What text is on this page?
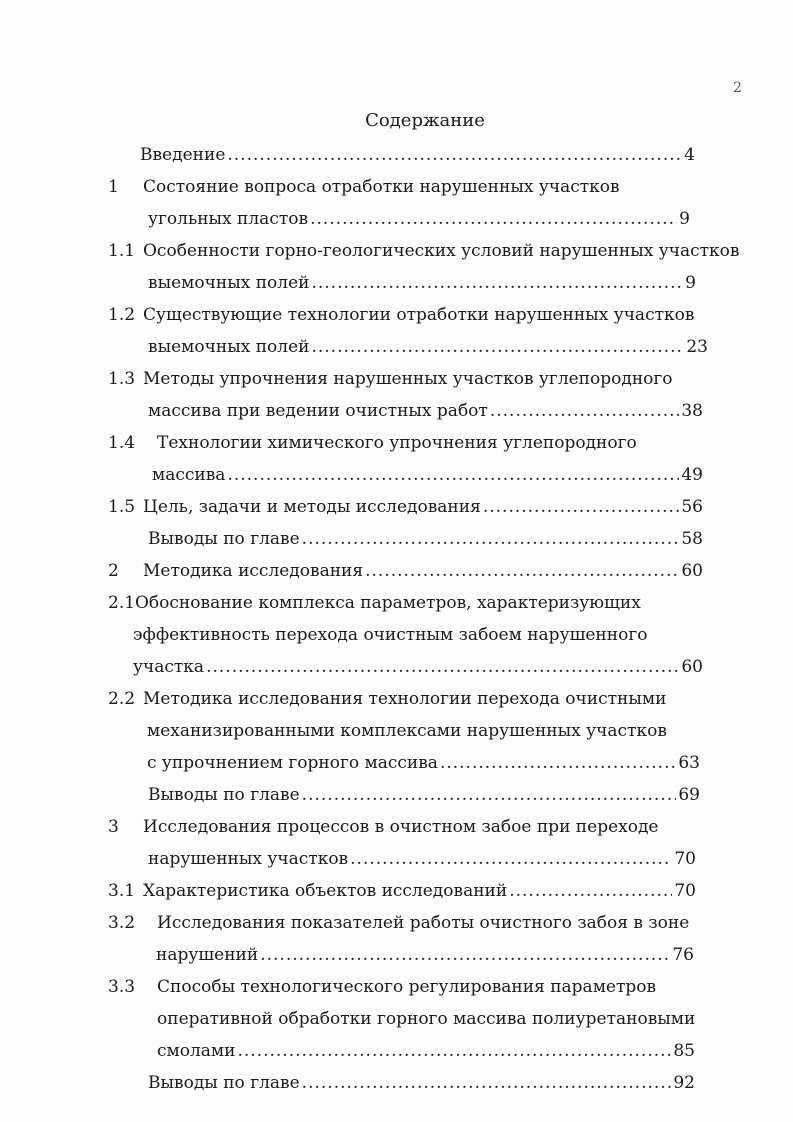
2
Содержание
Введение .....	4
1 Состояние вопроса отработки нарушенных участков
угольных пластов .....	9
1.1 Особенности горно-геологических условий нарушенных участков
выемочных полей .....	9
1.2 Существующие технологии отработки нарушенных участков
выемочных полей .....	23
1.3 Методы упрочнения нарушенных участков углепородного
массива при ведении очистных работ .....	38
1.4 Технологии химического упрочнения углепородного
массива .....	49
1.5 Цель, задачи и методы исследования .....	56
Выводы по главе .....	58
2 Методика исследования .....	60
2.1 Обоснование комплекса параметров, характеризующих
эффективность перехода очистным забоем нарушенного
участка .....	60
2.2 Методика исследования технологии перехода очистными
механизированными комплексами нарушенных участков
с упрочнением горного массива .....	63
Выводы по главе .....	69
3 Исследования процессов в очистном забое при переходе
нарушенных участков .....	70
3.1 Характеристика объектов исследований .....	70
3.2 Исследования показателей работы очистного забоя в зоне
нарушений .....	76
3.3 Способы технологического регулирования параметров
оперативной обработки горного массива полиуретановыми
смолами .....	85
Выводы по главе .....	92
